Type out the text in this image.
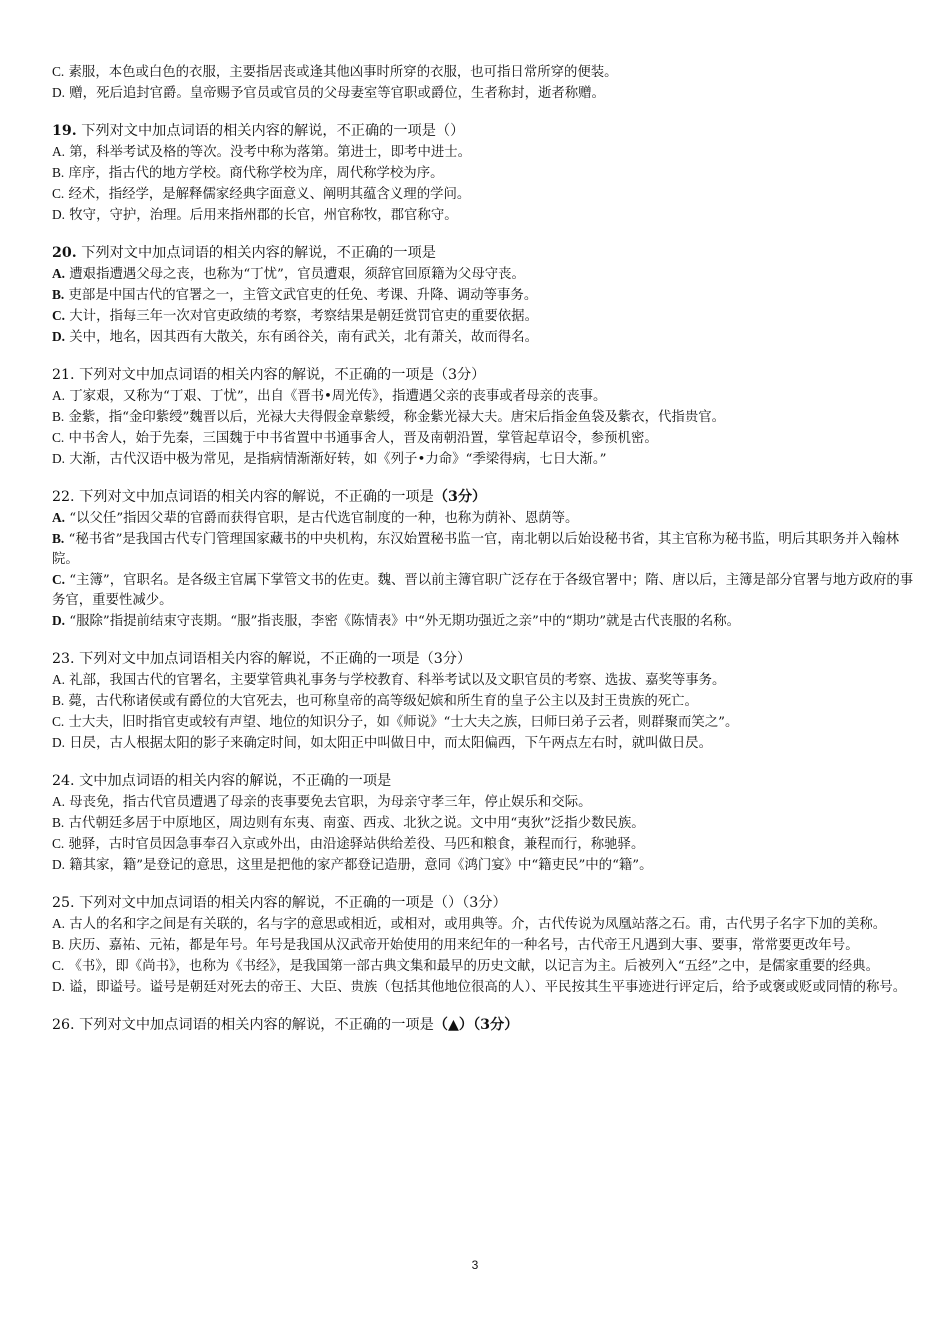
C. 素服，本色或白色的衣服，主要指居丧或逢其他凶事时所穿的衣服，也可指日常所穿的便装。
D. 赠，死后追封官爵。皇帝赐予官员或官员的父母妻室等官职或爵位，生者称封，逝者称赠。
19. 下列对文中加点词语的相关内容的解说，不正确的一项是（）
A. 第，科举考试及格的等次。没考中称为落第。第进士，即考中进士。
B. 庠序，指古代的地方学校。商代称学校为庠，周代称学校为序。
C. 经术，指经学，是解释儒家经典字面意义、阐明其蕴含义理的学问。
D. 牧守，守护，治理。后用来指州郡的长官，州官称牧，郡官称守。
20. 下列对文中加点词语的相关内容的解说，不正确的一项是
A. 遭艰指遭遇父母之丧，也称为“丁忧”，官员遭艰，须辞官回原籍为父母守丧。
B. 吏部是中国古代的官署之一，主管文武官吏的任免、考课、升降、调动等事务。
C. 大计，指每三年一次对官吏政绩的考察，考察结果是朝廷赏罚官吏的重要依据。
D. 关中，地名，因其西有大散关，东有函谷关，南有武关，北有萧关，故而得名。
21. 下列对文中加点词语的相关内容的解说，不正确的一项是（3分）
A. 丁家艰，又称为“丁艰、丁忧”，出自《晋书•周光传》，指遭遇父亲的丧事或者母亲的丧事。
B. 金紫，指“金印紫绶”魏晋以后，光禄大夫得假金章紫绶，称金紫光禄大夫。唐宋后指金鱼袋及紫衣，代指贵官。
C. 中书舍人，始于先秦，三国魏于中书省置中书通事舍人，晋及南朝沿置，掌管起草诏令，参预机密。
D. 大渐，古代汉语中极为常见，是指病情渐渐好转，如《列子•力命》“季梁得病，七日大渐。”
22. 下列对文中加点词语的相关内容的解说，不正确的一项是（3分）
A. “以父任”指因父辈的官爵而获得官职，是古代选官制度的一种，也称为荫补、恩荫等。
B. “秘书省”是我国古代专门管理国家藏书的中央机构，东汉始置秘书监一官，南北朝以后始设秘书省，其主官称为秘书监，明后其职务并入翰林院。
C. “主簿”，官职名。是各级主官属下掌管文书的佐吏。魏、晋以前主簿官职广泛存在于各级官署中；隋、唐以后，主簿是部分官署与地方政府的事务官，重要性减少。
D. “服除”指提前结束守丧期。“服”指丧服，李密《陈情表》中“外无期功强近之亲”中的“期功”就是古代丧服的名称。
23. 下列对文中加点词语相关内容的解说，不正确的一项是（3分）
A. 礼部，我国古代的官署名，主要掌管典礼事务与学校教育、科举考试以及文职官员的考察、选拔、嘉奖等事务。
B. 薨，古代称诸侯或有爵位的大官死去，也可称皇帝的高等级妃嫔和所生育的皇子公主以及封王贵族的死亡。
C. 士大夫，旧时指官吏或较有声望、地位的知识分子，如《师说》“士大夫之族，曰师曰弟子云者，则群聚而笑之”。
D. 日昃，古人根据太阳的影子来确定时间，如太阳正中叫做日中，而太阳偏西，下午两点左右时，就叫做日昃。
24. 文中加点词语的相关内容的解说，不正确的一项是
A. 母丧免，指古代官员遭遇了母亲的丧事要免去官职，为母亲守孝三年，停止娱乐和交际。
B. 古代朝廷多居于中原地区，周边则有东夷、南蛮、西戎、北狄之说。文中用“夷狄”泛指少数民族。
C. 驰驿，古时官员因急事奉召入京或外出，由沿途驿站供给差役、马匹和粮食，兼程而行，称驰驿。
D. 籍其家，籍”是登记的意思，这里是把他的家产都登记造册，意同《鸿门宴》中“籍吏民”中的“籍”。
25. 下列对文中加点词语的相关内容的解说，不正确的一项是（）（3分）
A. 古人的名和字之间是有关联的，名与字的意思或相近，或相对，或用典等。介，古代传说为凤凰站落之石。甫，古代男子名字下加的美称。
B. 庆历、嘉祐、元祐，都是年号。年号是我国从汉武帝开始使用的用来纪年的一种名号，古代帝王凡遇到大事、要事，常常要更改年号。
C. 《书》，即《尚书》，也称为《书经》，是我国第一部古典文集和最早的历史文献，以记言为主。后被列入“五经”之中，是儒家重要的经典。
D. 谥，即谥号。谥号是朝廷对死去的帝王、大臣、贵族（包括其他地位很高的人）、平民按其生平事迹进行评定后，给予或褒或贬或同情的称号。
26. 下列对文中加点词语的相关内容的解说，不正确的一项是（▲）（3分）
3
